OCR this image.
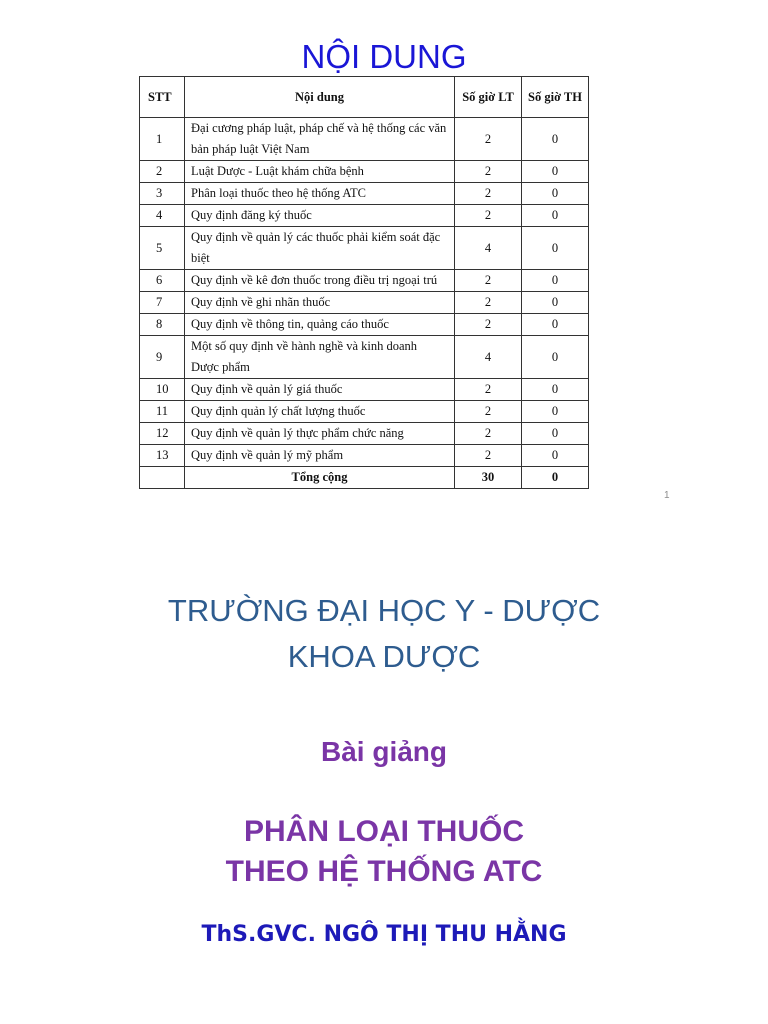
NỘI DUNG
STT	Nội dung	Số giờ LT	Số giờ TH
1	Đại cương pháp luật, pháp chế và hệ thống các văn bản pháp luật Việt Nam	2	0
2	Luật Dược - Luật khám chữa bệnh	2	0
3	Phân loại thuốc theo hệ thống ATC	2	0
4	Quy định đăng ký thuốc	2	0
5	Quy định về quản lý các thuốc phải kiểm soát đặc biệt	4	0
6	Quy định về kê đơn thuốc trong điều trị ngoại trú	2	0
7	Quy định về ghi nhãn thuốc	2	0
8	Quy định về thông tin, quảng cáo thuốc	2	0
9	Một số quy định về hành nghề và kinh doanh Dược phẩm	4	0
10	Quy định về quản lý giá thuốc	2	0
11	Quy định quản lý chất lượng thuốc	2	0
12	Quy định về quản lý thực phẩm chức năng	2	0
13	Quy định về quản lý mỹ phẩm	2	0
	Tổng cộng	30	0
1
TRƯỜNG ĐẠI HỌC Y - DƯỢC
KHOA DƯỢC
Bài giảng
PHÂN LOẠI THUỐC
THEO HỆ THỐNG ATC
ThS.GVC. NGÔ THỊ THU HẰNG
